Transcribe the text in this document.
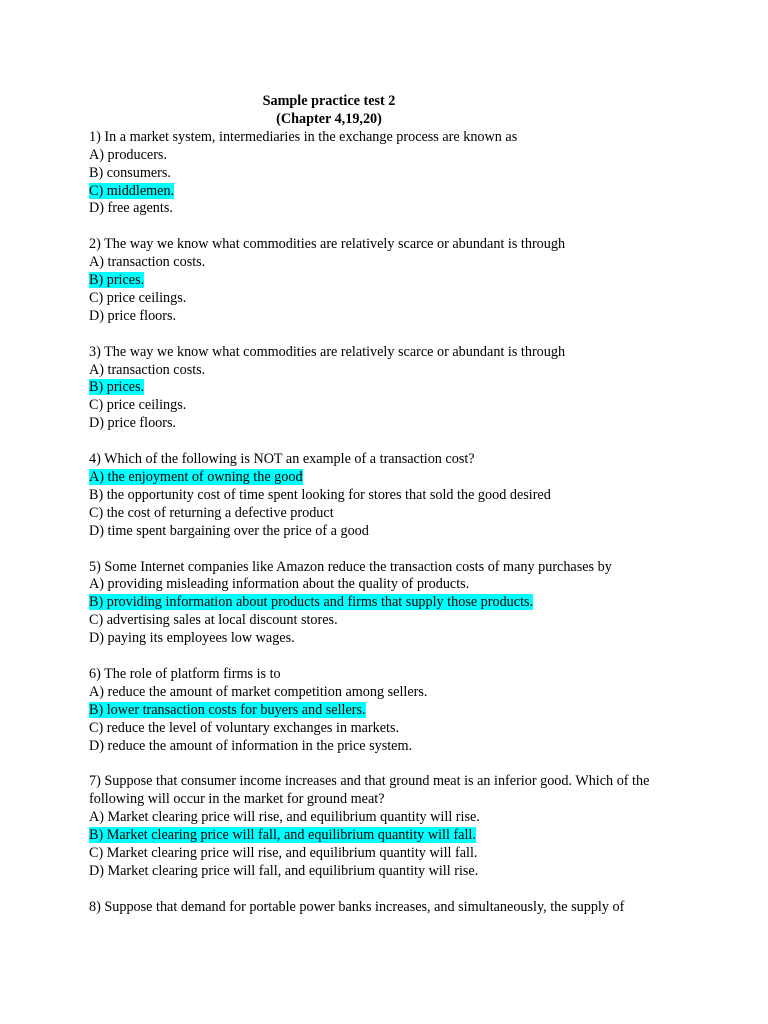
Sample practice test 2
(Chapter 4,19,20)
1) In a market system, intermediaries in the exchange process are known as
A) producers.
B) consumers.
C) middlemen.
D) free agents.
2) The way we know what commodities are relatively scarce or abundant is through
A) transaction costs.
B) prices.
C) price ceilings.
D) price floors.
3) The way we know what commodities are relatively scarce or abundant is through
A) transaction costs.
B) prices.
C) price ceilings.
D) price floors.
4) Which of the following is NOT an example of a transaction cost?
A) the enjoyment of owning the good
B) the opportunity cost of time spent looking for stores that sold the good desired
C) the cost of returning a defective product
D) time spent bargaining over the price of a good
5) Some Internet companies like Amazon reduce the transaction costs of many purchases by
A) providing misleading information about the quality of products.
B) providing information about products and firms that supply those products.
C) advertising sales at local discount stores.
D) paying its employees low wages.
6) The role of platform firms is to
A) reduce the amount of market competition among sellers.
B) lower transaction costs for buyers and sellers.
C) reduce the level of voluntary exchanges in markets.
D) reduce the amount of information in the price system.
7) Suppose that consumer income increases and that ground meat is an inferior good. Which of the following will occur in the market for ground meat?
A) Market clearing price will rise, and equilibrium quantity will rise.
B) Market clearing price will fall, and equilibrium quantity will fall.
C) Market clearing price will rise, and equilibrium quantity will fall.
D) Market clearing price will fall, and equilibrium quantity will rise.
8) Suppose that demand for portable power banks increases, and simultaneously, the supply of
